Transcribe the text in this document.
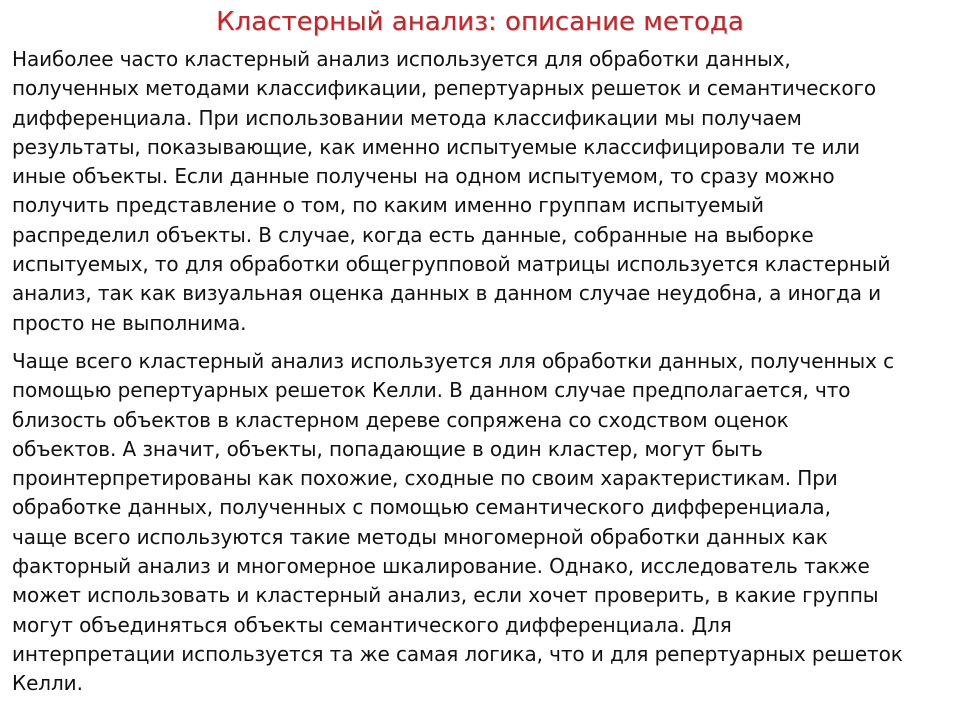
Кластерный анализ: описание метода

Наиболее часто кластерный анализ используется для обработки данных,
полученных методами классификации, репертуарных решеток и семантического
дифференциала. При использовании метода классификации мы получаем
результаты, показывающие, как именно испытуемые классифицировали те или
иные объекты. Если данные получены на одном испытуемом, то сразу можно
получить представление о том, по каким именно группам испытуемый
распределил объекты. В случае, когда есть данные, собранные на выборке
испытуемых, то для обработки общегрупповой матрицы используется кластерный
анализ, так как визуальная оценка данных в данном случае неудобна, а иногда и
просто не выполнима.

Чаще всего кластерный анализ используется лля обработки данных, полученных с
помощью репертуарных решеток Келли. В данном случае предполагается, что
близость объектов в кластерном дереве сопряжена со сходством оценок
объектов. А значит, объекты, попадающие в один кластер, могут быть
проинтерпретированы как похожие, сходные по своим характеристикам. При
обработке данных, полученных с помощью семантического дифференциала,
чаще всего используются такие методы многомерной обработки данных как
факторный анализ и многомерное шкалирование. Однако, исследователь также
может использовать и кластерный анализ, если хочет проверить, в какие группы
могут объединяться объекты семантического дифференциала. Для
интерпретации используется та же самая логика, что и для репертуарных решеток
Келли.
